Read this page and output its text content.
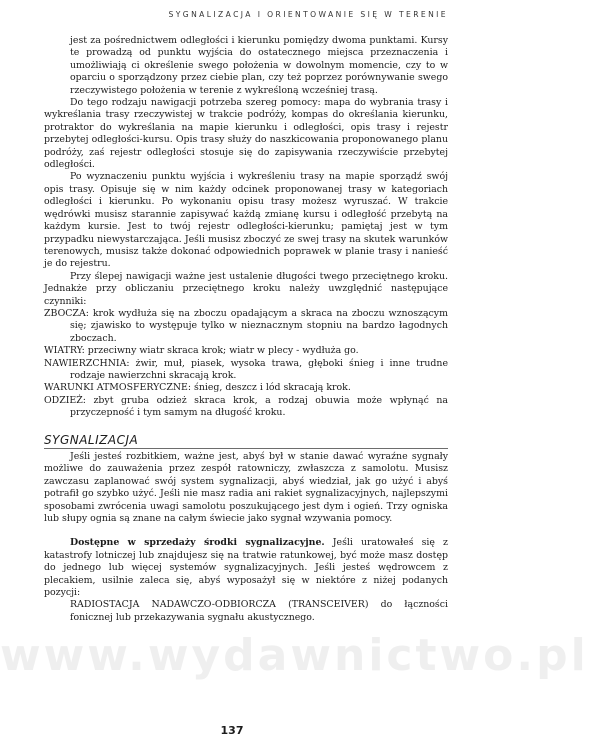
SYGNALIZACJA I ORIENTOWANIE SIĘ W TERENIE

jest za pośrednictwem odległości i kierunku pomiędzy dwoma punktami. Kursy te prowadzą od punktu wyjścia do ostatecznego miejsca przeznaczenia i umożliwiają ci określenie swego położenia w dowolnym momencie, czy to w oparciu o sporządzony przez ciebie plan, czy też poprzez porównywanie swego rzeczywistego położenia w terenie z wykreśloną wcześniej trasą.

Do tego rodzaju nawigacji potrzeba szereg pomocy: mapa do wybrania trasy i wykreślania trasy rzeczywistej w trakcie podróży, kompas do określania kierunku, protraktor do wykreślania na mapie kierunku i odległości, opis trasy i rejestr przebytej odległości-kursu. Opis trasy służy do naszkicowania proponowanego planu podróży, zaś rejestr odległości stosuje się do zapisywania rzeczywiście przebytej odległości.

Po wyznaczeniu punktu wyjścia i wykreśleniu trasy na mapie sporządź swój opis trasy. Opisuje się w nim każdy odcinek proponowanej trasy w kategoriach odległości i kierunku. Po wykonaniu opisu trasy możesz wyruszać. W trakcie wędrówki musisz starannie zapisywać każdą zmianę kursu i odległość przebytą na każdym kursie. Jest to twój rejestr odległości-kierunku; pamiętaj jest w tym przypadku niewystarczająca. Jeśli musisz zboczyć ze swej trasy na skutek warunków terenowych, musisz także dokonać odpowiednich poprawek w planie trasy i nanieść je do rejestru.

Przy ślepej nawigacji ważne jest ustalenie długości twego przeciętnego kroku. Jednakże przy obliczaniu przeciętnego kroku należy uwzględnić następujące czynniki:

ZBOCZA: krok wydłuża się na zboczu opadającym a skraca na zboczu wznoszącym się; zjawisko to występuje tylko w nieznacznym stopniu na bardzo łagodnych zboczach.

WIATRY: przeciwny wiatr skraca krok; wiatr w plecy - wydłuża go.

NAWIERZCHNIA: żwir, muł, piasek, wysoka trawa, głęboki śnieg i inne trudne rodzaje nawierzchni skracają krok.

WARUNKI ATMOSFERYCZNE: śnieg, deszcz i lód skracają krok.

ODZIEŻ: zbyt gruba odzież skraca krok, a rodzaj obuwia może wpłynąć na przyczepność i tym samym na długość kroku.

SYGNALIZACJA

Jeśli jesteś rozbitkiem, ważne jest, abyś był w stanie dawać wyraźne sygnały możliwe do zauważenia przez zespół ratowniczy, zwłaszcza z samolotu. Musisz zawczasu zaplanować swój system sygnalizacji, abyś wiedział, jak go użyć i abyś potrafił go szybko użyć. Jeśli nie masz radia ani rakiet sygnalizacyjnych, najlepszymi sposobami zwrócenia uwagi samolotu poszukującego jest dym i ogień. Trzy ogniska lub słupy ognia są znane na całym świecie jako sygnał wzywania pomocy.

Dostępne w sprzedaży środki sygnalizacyjne. Jeśli uratowałeś się z katastrofy lotniczej lub znajdujesz się na tratwie ratunkowej, być może masz dostęp do jednego lub więcej systemów sygnalizacyjnych. Jeśli jesteś wędrowcem z plecakiem, usilnie zaleca się, abyś wyposażył się w niektóre z niżej podanych pozycji:

RADIOSTACJA NADAWCZO-ODBIORCZA (TRANSCEIVER) do łączności fonicznej lub przekazywania sygnału akustycznego.

www.wydawnictwo.pl
137
